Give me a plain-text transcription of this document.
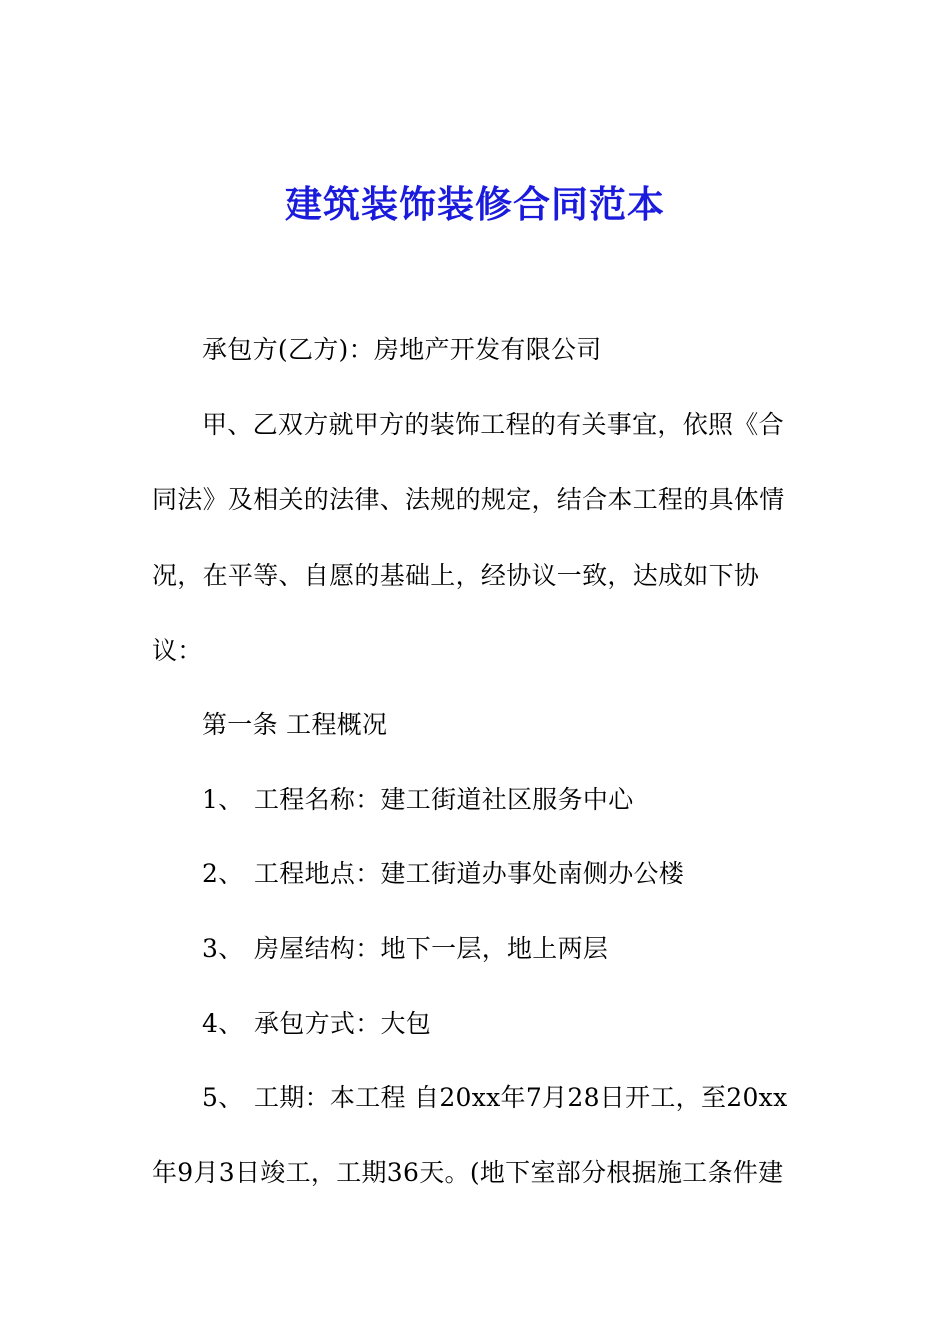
建筑装饰装修合同范本
承包方(乙方)：房地产开发有限公司
甲、乙双方就甲方的装饰工程的有关事宜，依照《合
同法》及相关的法律、法规的规定，结合本工程的具体情
况，在平等、自愿的基础上，经协议一致，达成如下协
议：
第一条 工程概况
1、 工程名称：建工街道社区服务中心
2、 工程地点：建工街道办事处南侧办公楼
3、 房屋结构：地下一层，地上两层
4、 承包方式：大包
5、 工期：本工程 自20xx年7月28日开工，至20xx
年9月3日竣工，工期36天。(地下室部分根据施工条件建
